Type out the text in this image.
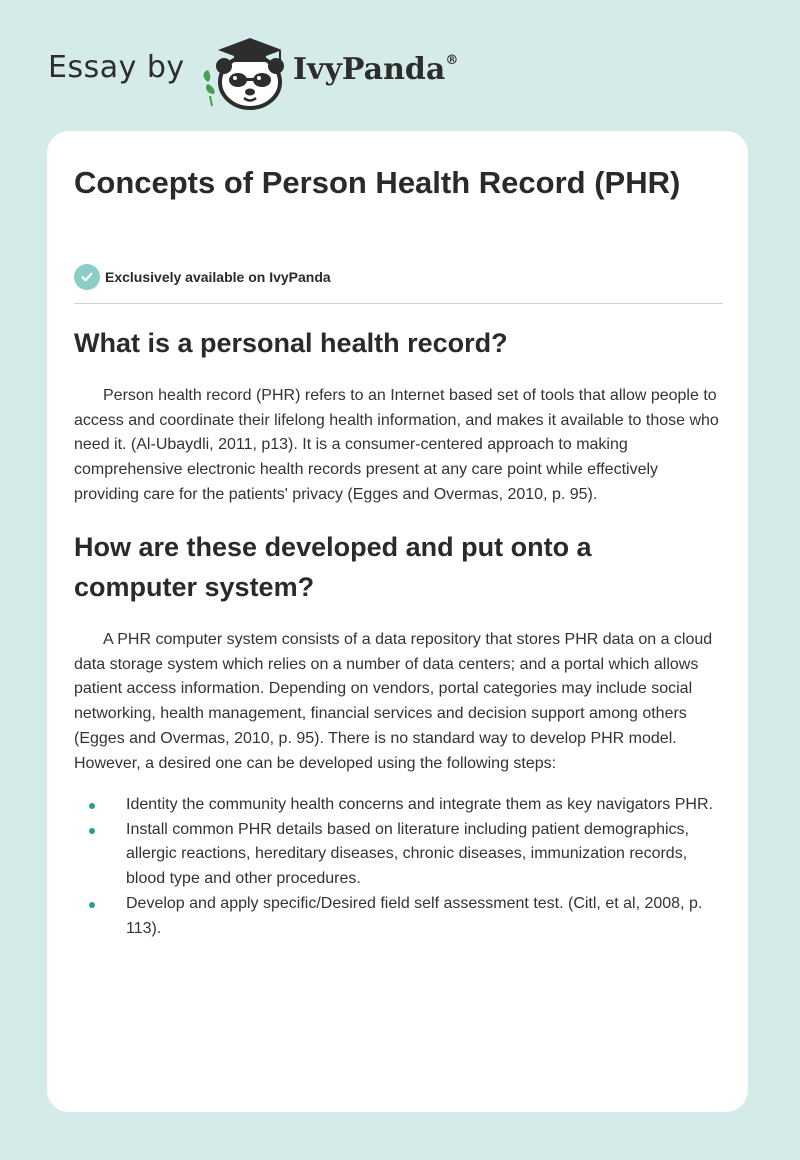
Essay by	IvyPanda®
Concepts of Person Health Record (PHR)
Exclusively available on IvyPanda
What is a personal health record?

Person health record (PHR) refers to an Internet based set of tools that allow people to access and coordinate their lifelong health information, and makes it available to those who need it. (Al-Ubaydli, 2011, p13). It is a consumer-centered approach to making comprehensive electronic health records present at any care point while effectively providing care for the patients' privacy (Egges and Overmas, 2010, p. 95).

How are these developed and put onto a computer system?

A PHR computer system consists of a data repository that stores PHR data on a cloud data storage system which relies on a number of data centers; and a portal which allows patient access information. Depending on vendors, portal categories may include social networking, health management, financial services and decision support among others (Egges and Overmas, 2010, p. 95). There is no standard way to develop PHR model. However, a desired one can be developed using the following steps:

Identity the community health concerns and integrate them as key navigators PHR.
Install common PHR details based on literature including patient demographics, allergic reactions, hereditary diseases, chronic diseases, immunization records, blood type and other procedures.
Develop and apply specific/Desired field self assessment test. (Citl, et al, 2008, p. 113).
